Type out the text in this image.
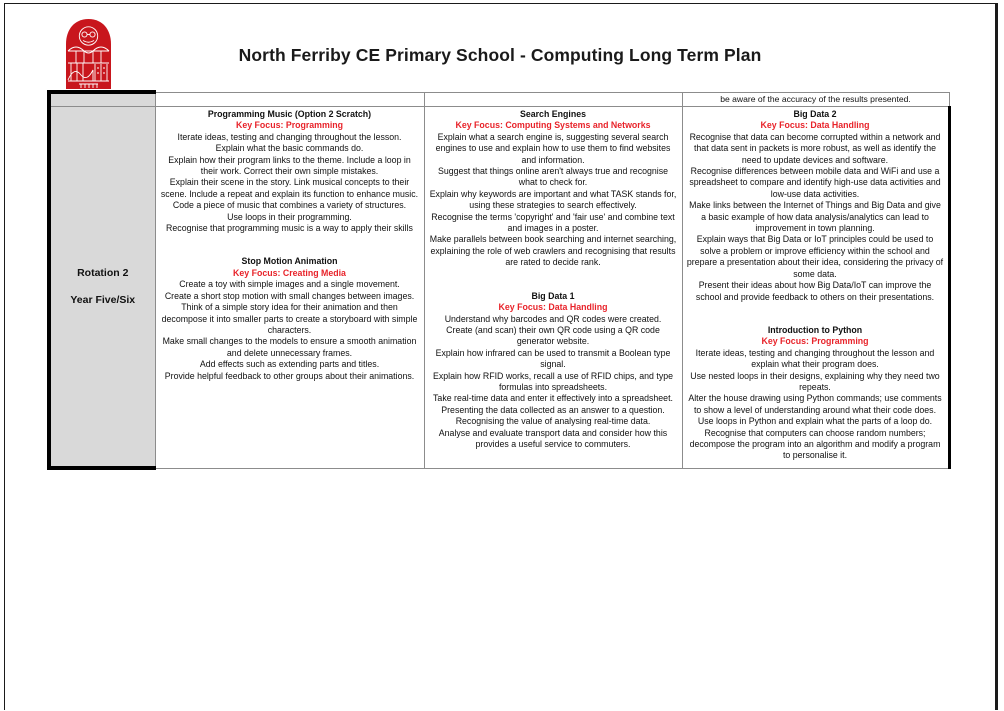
North Ferriby CE Primary School - Computing Long Term Plan

			be aware of the accuracy of the results presented.

Rotation 2
Year Five/Six

Programming Music (Option 2 Scratch)
Key Focus: Programming
Iterate ideas, testing and changing throughout the lesson.
Explain what the basic commands do.
Explain how their program links to the theme. Include a loop in their work. Correct their own simple mistakes.
Explain their scene in the story. Link musical concepts to their scene. Include a repeat and explain its function to enhance music.
Code a piece of music that combines a variety of structures.
Use loops in their programming.
Recognise that programming music is a way to apply their skills
Stop Motion Animation
Key Focus: Creating Media
Create a toy with simple images and a single movement.
Create a short stop motion with small changes between images.
Think of a simple story idea for their animation and then decompose it into smaller parts to create a storyboard with simple characters.
Make small changes to the models to ensure a smooth animation and delete unnecessary frames.
Add effects such as extending parts and titles.
Provide helpful feedback to other groups about their animations.

Search Engines
Key Focus: Computing Systems and Networks
Explain what a search engine is, suggesting several search engines to use and explain how to use them to find websites and information.
Suggest that things online aren't always true and recognise what to check for.
Explain why keywords are important and what TASK stands for, using these strategies to search effectively.
Recognise the terms 'copyright' and 'fair use' and combine text and images in a poster.
Make parallels between book searching and internet searching, explaining the role of web crawlers and recognising that results are rated to decide rank.
Big Data 1
Key Focus: Data Handling
Understand why barcodes and QR codes were created.
Create (and scan) their own QR code using a QR code generator website.
Explain how infrared can be used to transmit a Boolean type signal.
Explain how RFID works, recall a use of RFID chips, and type formulas into spreadsheets.
Take real-time data and enter it effectively into a spreadsheet.
Presenting the data collected as an answer to a question.
Recognising the value of analysing real-time data.
Analyse and evaluate transport data and consider how this provides a useful service to commuters.

Big Data 2
Key Focus: Data Handling
Recognise that data can become corrupted within a network and that data sent in packets is more robust, as well as identify the need to update devices and software.
Recognise differences between mobile data and WiFi and use a spreadsheet to compare and identify high-use data activities and low-use data activities.
Make links between the Internet of Things and Big Data and give a basic example of how data analysis/analytics can lead to improvement in town planning.
Explain ways that Big Data or IoT principles could be used to solve a problem or improve efficiency within the school and prepare a presentation about their idea, considering the privacy of some data.
Present their ideas about how Big Data/IoT can improve the school and provide feedback to others on their presentations.
Introduction to Python
Key Focus: Programming
Iterate ideas, testing and changing throughout the lesson and explain what their program does.
Use nested loops in their designs, explaining why they need two repeats.
Alter the house drawing using Python commands; use comments to show a level of understanding around what their code does.
Use loops in Python and explain what the parts of a loop do.
Recognise that computers can choose random numbers; decompose the program into an algorithm and modify a program to personalise it.
